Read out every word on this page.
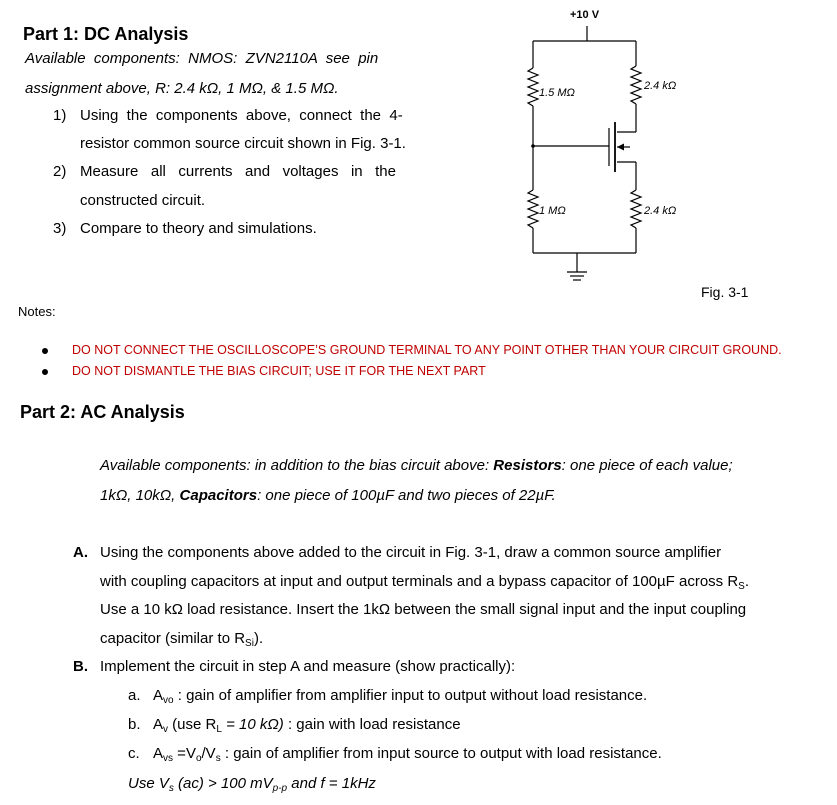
Part 1: DC Analysis
Available  components:  NMOS:  ZVN2110A  see  pin
assignment above, R: 2.4 kΩ, 1 MΩ, & 1.5 MΩ.
1) Using  the  components  above,  connect  the  4-
resistor common source circuit shown in Fig. 3-1.
2) Measure   all   currents   and   voltages   in   the
constructed circuit.
3) Compare to theory and simulations.
+10 V
1.5 MΩ
2.4 kΩ
1 MΩ	2.4 kΩ
Fig. 3-1
Notes:
DO NOT CONNECT THE OSCILLOSCOPE’S GROUND TERMINAL TO ANY POINT OTHER THAN YOUR CIRCUIT GROUND.
DO NOT DISMANTLE THE BIAS CIRCUIT; USE IT FOR THE NEXT PART
Part 2: AC Analysis
Available components: in addition to the bias circuit above: Resistors: one piece of each value;
1kΩ, 10kΩ, Capacitors: one piece of 100µF and two pieces of 22µF.
A. Using the components above added to the circuit in Fig. 3-1, draw a common source amplifier
with coupling capacitors at input and output terminals and a bypass capacitor of 100µF across $R_S$.
Use a 10 kΩ load resistance. Insert the 1kΩ between the small signal input and the input coupling
capacitor (similar to $R_{Si}$).
B. Implement the circuit in step A and measure (show practically):
a. $A_{vo}$ : gain of amplifier from amplifier input to output without load resistance.
b. $A_v$ (use $R_L = 10$ kΩ) : gain with load resistance
c. $A_{vs} =V_o/V_s$ : gain of amplifier from input source to output with load resistance.
Use $V_s$ (ac) > 100 $mV_{p-p}$ and f = 1kHz
